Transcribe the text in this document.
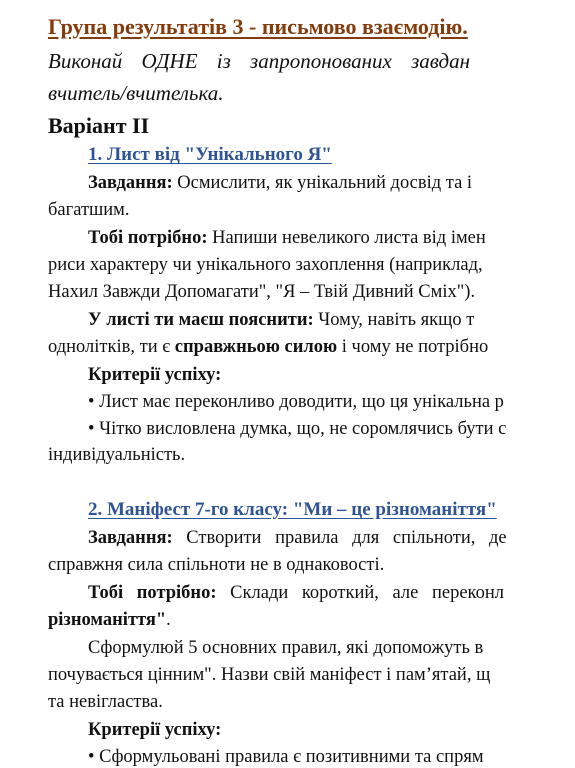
Група результатів 3 - письмово взаємодію.
Виконай ОДНЕ із запропонованих завдан
вчитель/вчителька.
Варіант ІІ
1. Лист від "Унікального Я"
Завдання: Осмислити, як унікальний досвід та і
багатшим.
Тобі потрібно: Напиши невеликого листа від імен
риси характеру чи унікального захоплення (наприклад,
Нахил Завжди Допомагати", "Я – Твій Дивний Сміх").
У листі ти маєш пояснити: Чому, навіть якщо т
однолітків, ти є справжньою силою і чому не потрібно
Критерії успіху:
• Лист має переконливо доводити, що ця унікальна р
• Чітко висловлена думка, що, не соромлячись бути с
індивідуальність.
2. Маніфест 7-го класу: "Ми – це різноманіття"
Завдання: Створити правила для спільноти, де
справжня сила спільноти не в однаковості.
Тобі потрібно: Склади короткий, але переконл
різноманіття".
Сформулюй 5 основних правил, які допоможуть в
почувається цінним". Назви свій маніфест і пам’ятай, щ
та невігластва.
Критерії успіху:
• Сформульовані правила є позитивними та спрям
